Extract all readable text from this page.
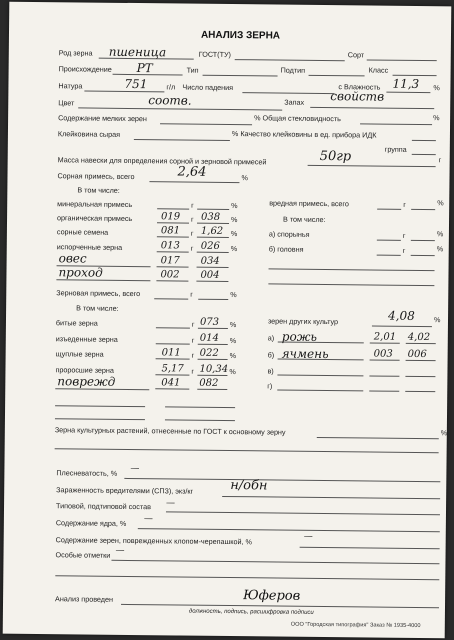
АНАЛИЗ ЗЕРНА
Род зерна пшеница	ГОСТ(ТУ)	Сорт
Происхождение РТ	Тип	Подтип	Класс
Натура	751	г/л Число падения	с Влажность 11,3 %
Цвет	соотв.	Запах свойств
Содержание мелких зерен	% Общая стекловидность	%
Клейковина сырая	% Качество клейковины в ед. прибора ИДК
группа
Масса навески для определения сорной и зерновой примесей	50гр	г
Сорная примесь, всего	2,64	%
В том числе:
минеральная примесь	г	%
органическая примесь	019 г 038 %
сорные семена	081 г 1,62 %
испорченные зерна	013 г 026 %
овес	017 034
проход	002 004
вредная примесь, всего	г	%
В том числе:
а) спорынья	г	%
б) головня	г	%
Зерновая примесь, всего	г	%
В том числе:
битые зерна	г 073 %
изъеденные зерна	г 014 %
щуплые зерна	011 г 022 %
проросшие зерна	5,17 г 10,34 %
поврежд	041 082
зерен других культур	4,08	%
а) рожь	2,01 4,02
б) ячмень	003 006
в)
г)
Зерна культурных растений, отнесенные по ГОСТ к основному зерну	%
Плесневатость, % —
Зараженность вредителями (СПЗ), экз/кг	н/обн
Типовой, подтиповой состав —
Содержание ядра, % —
Содержание зерен, поврежденных клопом-черепашкой, %	—
Особые отметки —
Анализ проведен	Юферов
должность, подпись, расшифровка подписи
ООО "Городская типография" Заказ № 1935-4000
